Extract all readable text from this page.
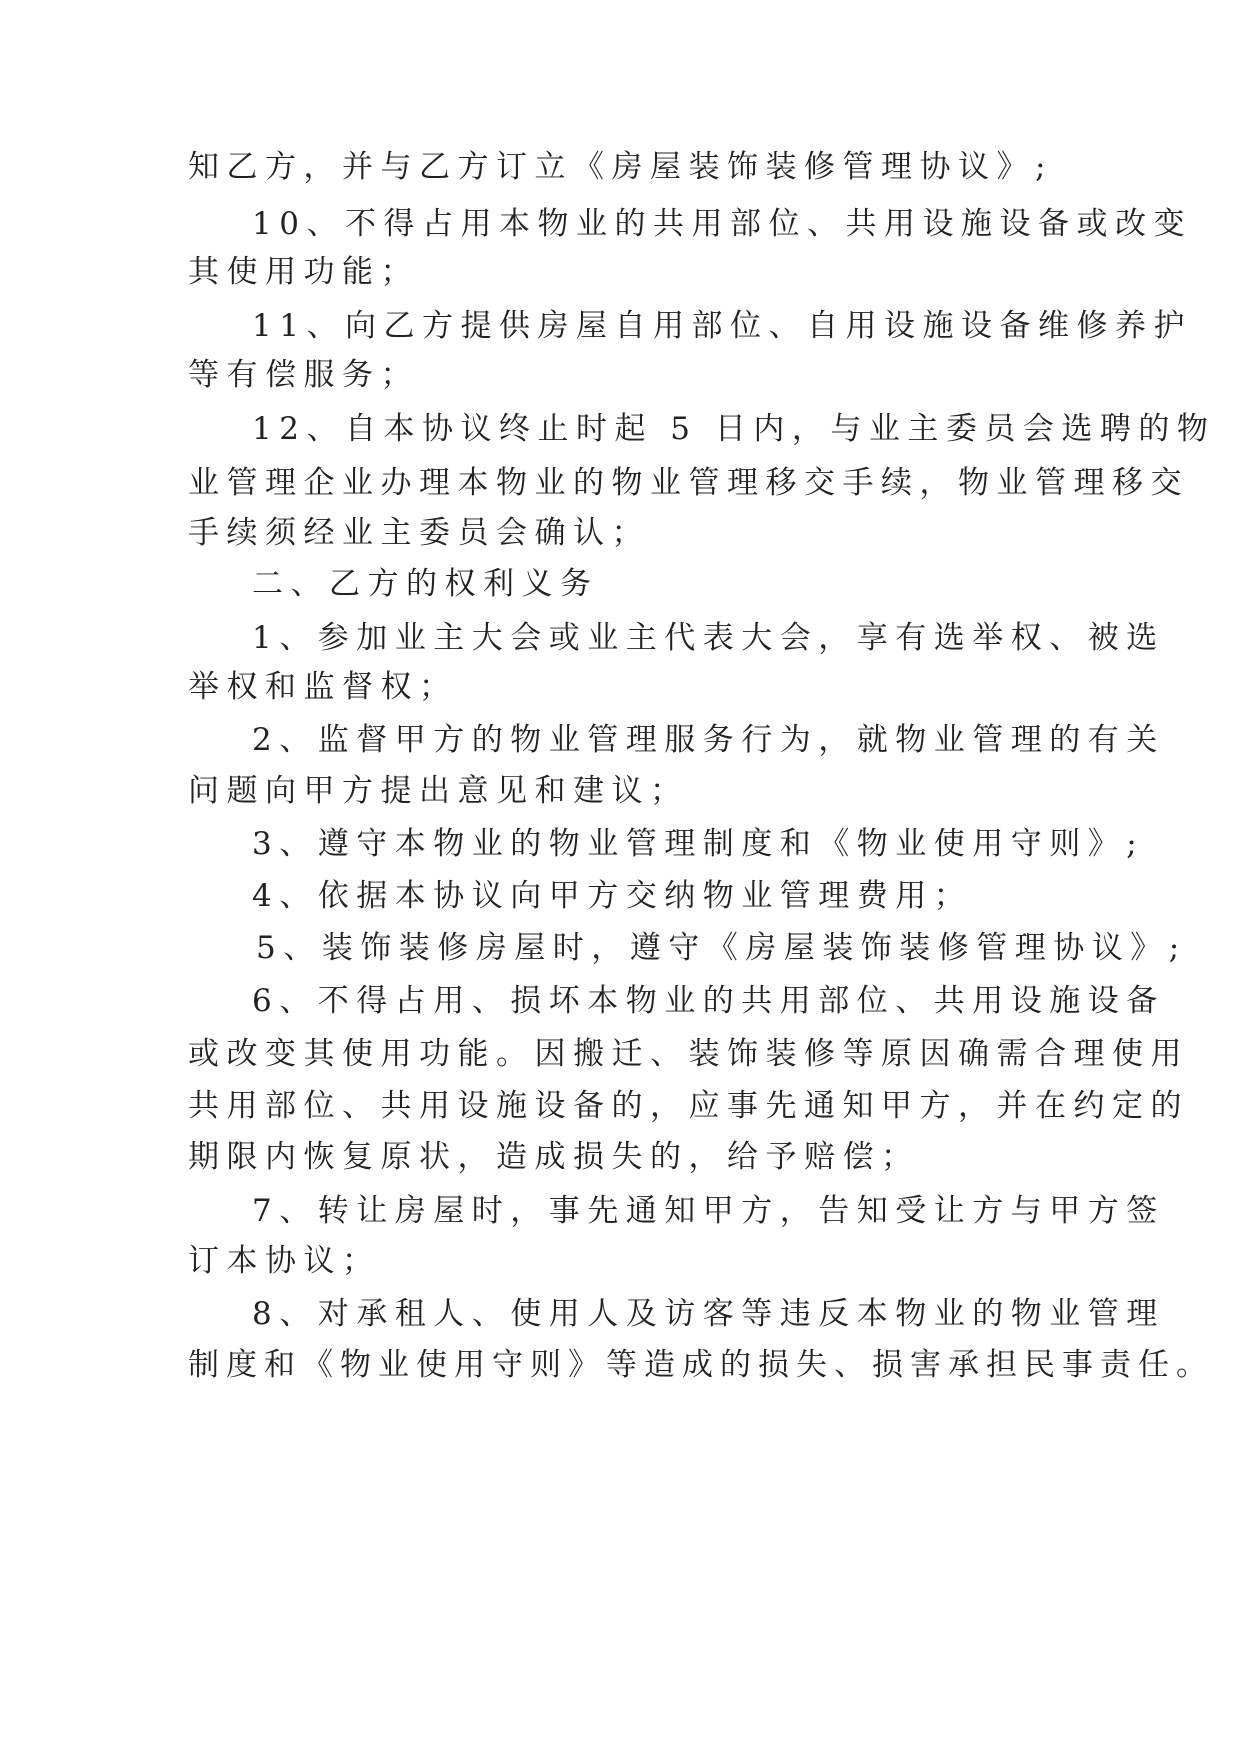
知乙方，并与乙方订立《房屋装饰装修管理协议》;

10、不得占用本物业的共用部位、共用设施设备或改变

其使用功能；

11、向乙方提供房屋自用部位、自用设施设备维修养护

等有偿服务；

12、自本协议终止时起 5 日内，与业主委员会选聘的物

业管理企业办理本物业的物业管理移交手续，物业管理移交

手续须经业主委员会确认；

二、乙方的权利义务

1、参加业主大会或业主代表大会，享有选举权、被选

举权和监督权；

2、监督甲方的物业管理服务行为，就物业管理的有关

问题向甲方提出意见和建议；

3、遵守本物业的物业管理制度和《物业使用守则》;

4、依据本协议向甲方交纳物业管理费用；

5、装饰装修房屋时，遵守《房屋装饰装修管理协议》;

6、不得占用、损坏本物业的共用部位、共用设施设备

或改变其使用功能。因搬迁、装饰装修等原因确需合理使用

共用部位、共用设施设备的，应事先通知甲方，并在约定的

期限内恢复原状，造成损失的，给予赔偿；

7、转让房屋时，事先通知甲方，告知受让方与甲方签

订本协议；

8、对承租人、使用人及访客等违反本物业的物业管理

制度和《物业使用守则》等造成的损失、损害承担民事责任。
